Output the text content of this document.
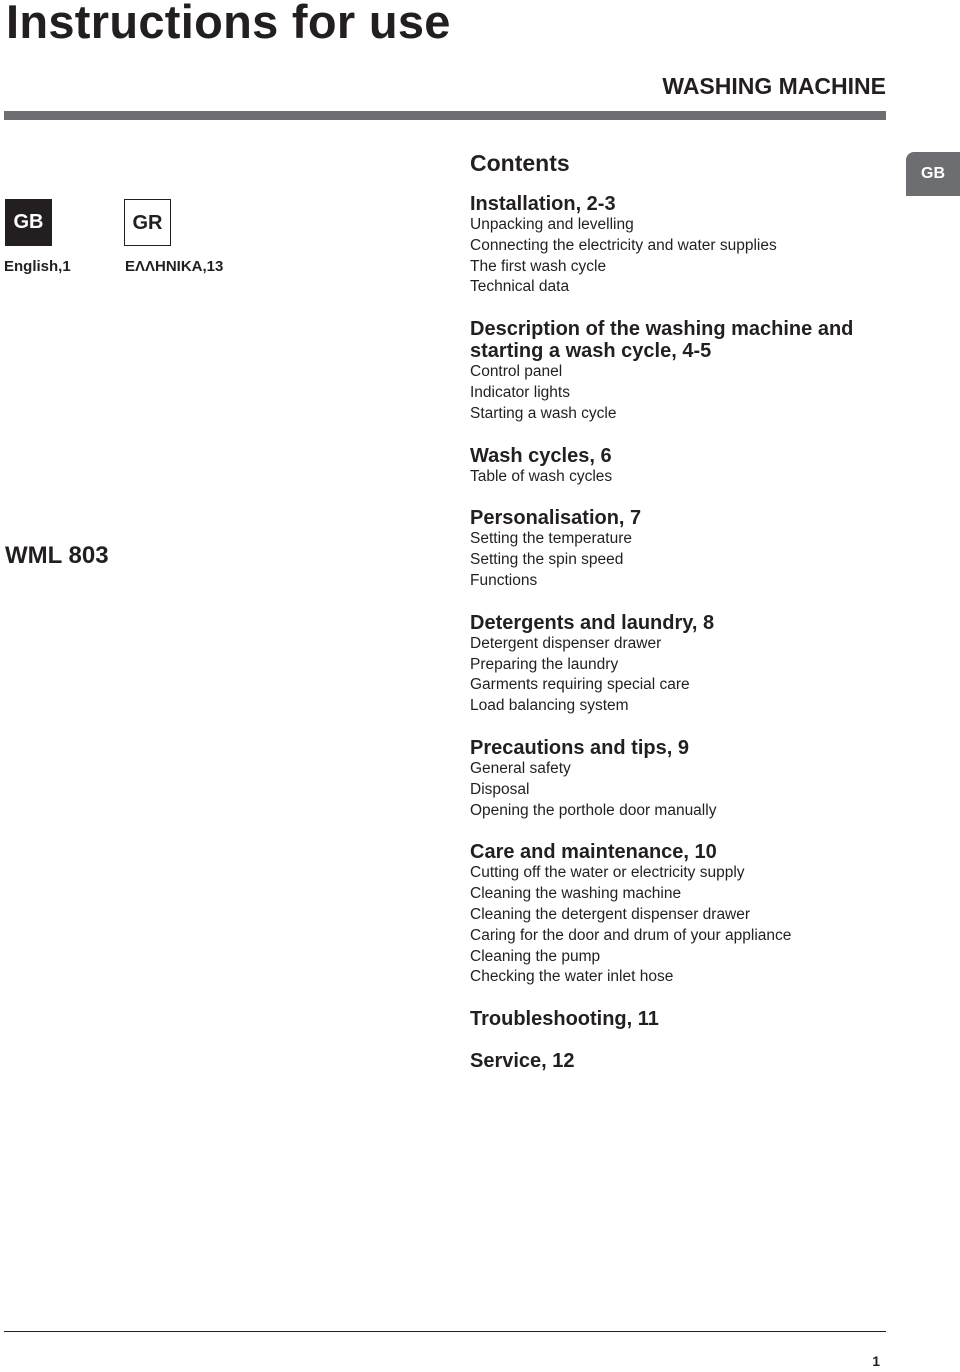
Instructions for use
WASHING MACHINE
GB
GB	GR
English,1	ΕΛΛΗΝΙΚΑ,13
WML 803
Contents
Installation, 2-3
Unpacking and levelling
Connecting the electricity and water supplies
The first wash cycle
Technical data
Description of the washing machine and starting a wash cycle, 4-5
Control panel
Indicator lights
Starting a wash cycle
Wash cycles, 6
Table of wash cycles
Personalisation, 7
Setting the temperature
Setting the spin speed
Functions
Detergents and laundry, 8
Detergent dispenser drawer
Preparing the laundry
Garments requiring special care
Load balancing system
Precautions and tips, 9
General safety
Disposal
Opening the porthole door manually
Care and maintenance, 10
Cutting off the water or electricity supply
Cleaning the washing machine
Cleaning the detergent dispenser drawer
Caring for the door and drum of your appliance
Cleaning the pump
Checking the water inlet hose
Troubleshooting, 11
Service, 12
1
